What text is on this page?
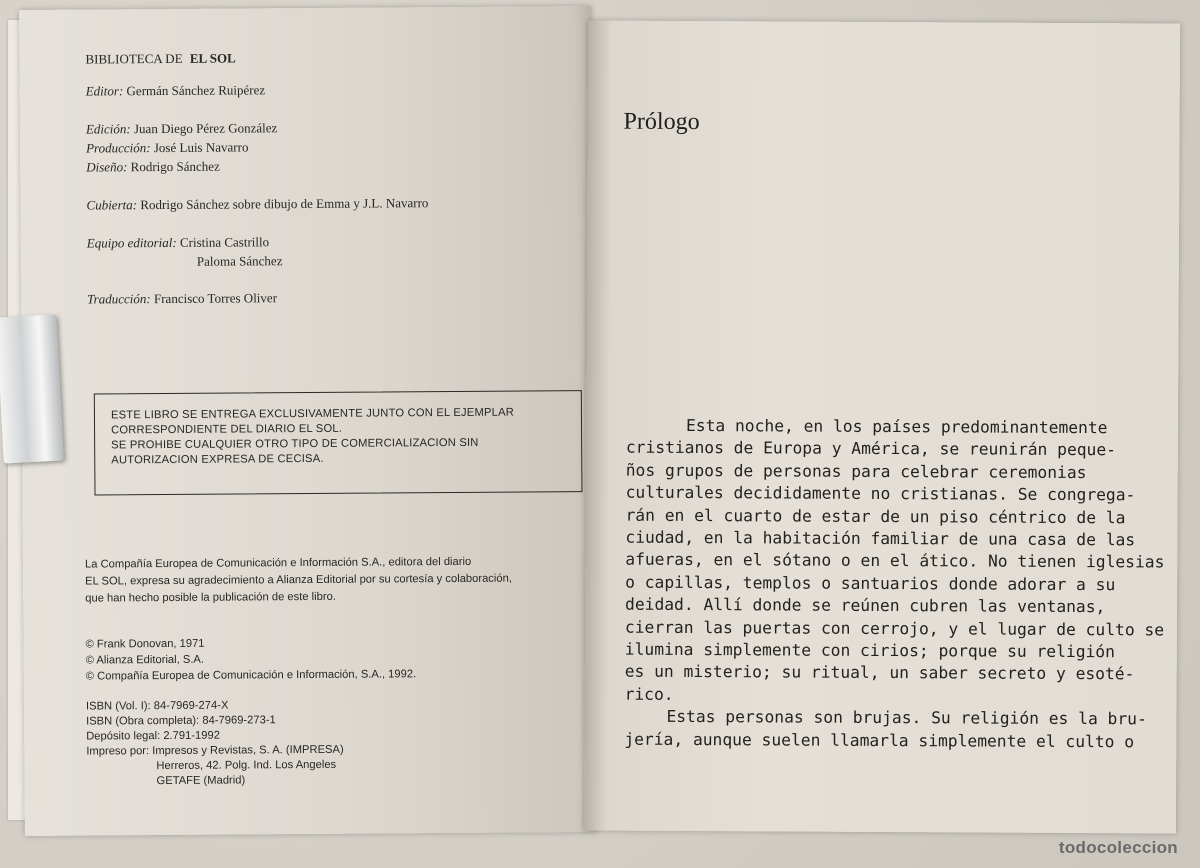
BIBLIOTECA DE EL SOL
Editor: Germán Sánchez Ruipérez
Edición: Juan Diego Pérez González
Producción: José Luis Navarro
Diseño: Rodrigo Sánchez
Cubierta: Rodrigo Sánchez sobre dibujo de Emma y J.L. Navarro
Equipo editorial: Cristina Castrillo
Paloma Sánchez
Traducción: Francisco Torres Oliver
ESTE LIBRO SE ENTREGA EXCLUSIVAMENTE JUNTO CON EL EJEMPLAR
CORRESPONDIENTE DEL DIARIO EL SOL.
SE PROHIBE CUALQUIER OTRO TIPO DE COMERCIALIZACION SIN
AUTORIZACION EXPRESA DE CECISA.
La Compañía Europea de Comunicación e Información S.A., editora del diario
EL SOL, expresa su agradecimiento a Alianza Editorial por su cortesía y colaboración,
que han hecho posible la publicación de este libro.
© Frank Donovan, 1971
© Alianza Editorial, S.A.
© Compañía Europea de Comunicación e Información, S.A., 1992.
ISBN (Vol. I): 84-7969-274-X
ISBN (Obra completa): 84-7969-273-1
Depósito legal: 2.791-1992
Impreso por: Impresos y Revistas, S. A. (IMPRESA)
Herreros, 42. Polg. Ind. Los Angeles
GETAFE (Madrid)
Prólogo
Esta noche, en los países predominantemente
cristianos de Europa y América, se reunirán peque-
ños grupos de personas para celebrar ceremonias
culturales decididamente no cristianas. Se congrega-
rán en el cuarto de estar de un piso céntrico de la
ciudad, en la habitación familiar de una casa de las
afueras, en el sótano o en el ático. No tienen iglesias
o capillas, templos o santuarios donde adorar a su
deidad. Allí donde se reúnen cubren las ventanas,
cierran las puertas con cerrojo, y el lugar de culto se
ilumina simplemente con cirios; porque su religión
es un misterio; su ritual, un saber secreto y esoté-
rico.
Estas personas son brujas. Su religión es la bru-
jería, aunque suelen llamarla simplemente el culto o
todocoleccion
